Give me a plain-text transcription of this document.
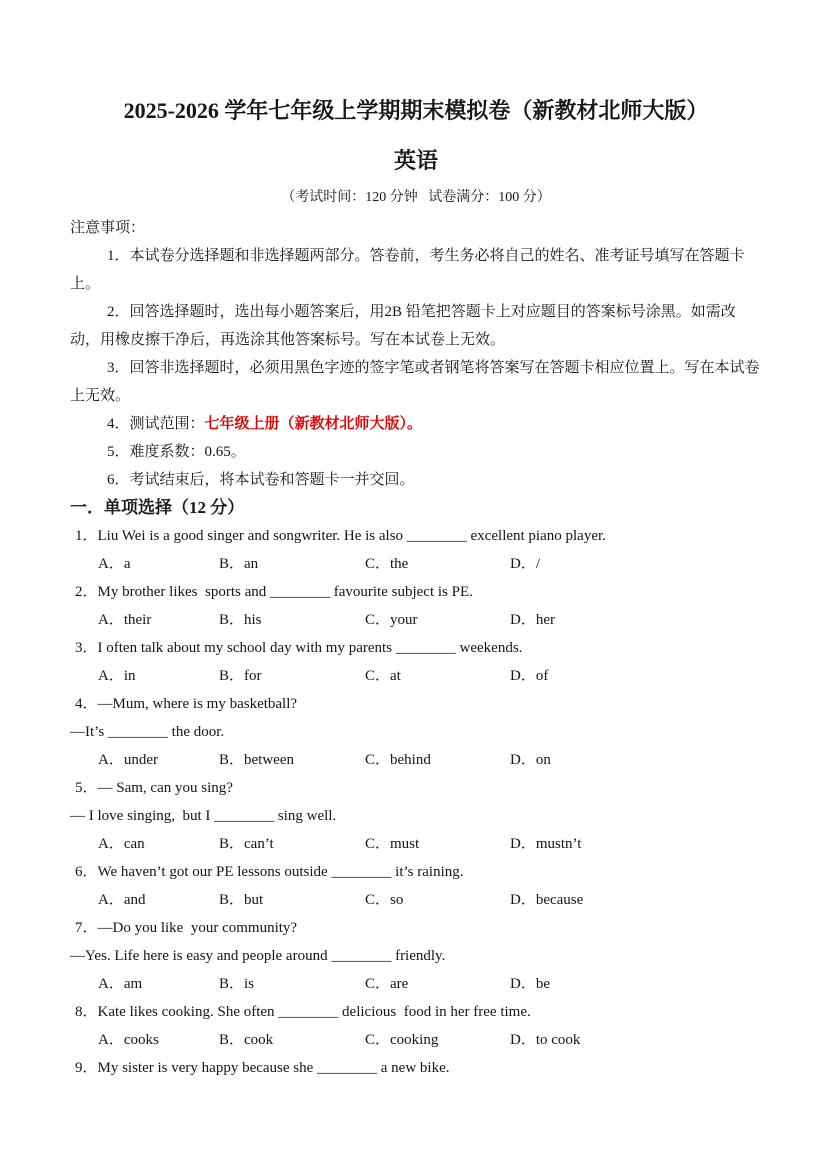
2025-2026 学年七年级上学期期末模拟卷（新教材北师大版）
英语
（考试时间：120 分钟   试卷满分：100 分）

注意事项：

1．本试卷分选择题和非选择题两部分。答卷前，考生务必将自己的姓名、准考证号填写在答题卡上。

2．回答选择题时，选出每小题答案后，用2B 铅笔把答题卡上对应题目的答案标号涂黑。如需改动，用橡皮擦干净后，再选涂其他答案标号。写在本试卷上无效。

3．回答非选择题时，必须用黑色字迹的签字笔或者钢笔将答案写在答题卡相应位置上。写在本试卷上无效。

4．测试范围：七年级上册（新教材北师大版）。

5．难度系数：0.65。

6．考试结束后，将本试卷和答题卡一并交回。

一．单项选择（12 分）
1．Liu Wei is a good singer and songwriter. He is also ________ excellent piano player.
A．a	B．an	C．the	D．/
2．My brother likes  sports and ________ favourite subject is PE.
A．their	B．his	C．your	D．her
3．I often talk about my school day with my parents ________ weekends.
A．in	B．for	C．at	D．of
4．—Mum, where is my basketball?
—It’s ________ the door.
A．under	B．between	C．behind	D．on
5．— Sam, can you sing?
— I love singing,  but I ________ sing well.
A．can	B．can’t	C．must	D．mustn’t
6．We haven’t got our PE lessons outside ________ it’s raining.
A．and	B．but	C．so	D．because
7．—Do you like  your community?
—Yes. Life here is easy and people around ________ friendly.
A．am	B．is	C．are	D．be
8．Kate likes cooking. She often ________ delicious  food in her free time.
A．cooks	B．cook	C．cooking	D．to cook
9．My sister is very happy because she ________ a new bike.
